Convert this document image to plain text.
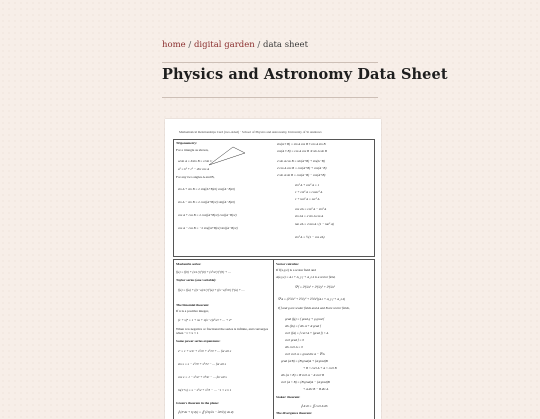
home / digital garden / data sheet
Physics and Astronomy Data Sheet
Mathematical Relationships Card (two-sided) · School of Physics and Astronomy, University of St Andrews
Trigonometry:
For a triangle as shown,
a/sin A = b/sin B = c/sin C
a² = b² + c² − 2bc cos A
For any two angles A and B,
sin A + sin B = 2 sin((A+B)/2) cos((A−B)/2)
sin A − sin B = 2 cos((A+B)/2) sin((A−B)/2)
cos A + cos B = 2 cos((A+B)/2) cos((A−B)/2)
cos A − cos B = −2 sin((A+B)/2) sin((A−B)/2)
sin(A ± B) = sin A cos B ± cos A sin B
cos(A ± B) = cos A cos B ∓ sin A sin B
2 sin A cos B = sin(A+B) + sin(A−B)
2 cos A cos B = cos(A+B) + cos(A−B)
2 sin A sin B = cos(A−B) − cos(A+B)
sin² A + cos² A = 1
1 + cot² A = cosec² A
1 + tan² A = sec² A
cos 2A = cos² A − sin² A
sin 2A = 2 sin A cos A
tan 2A = 2 tan A / (1 − tan² A)
sin² A = ½(1 − cos 2A)
Maclaurin series:
f(x) = f(0) + (x/1!) f′(0) + (x²/2!) f″(0) + …
Taylor series (one variable):
f(x) = f(a) + ((x−a)/1!) f′(a) + ((x−a)²/2!) f″(a) + …
The binomial theorem:
If n is a positive integer,
(1 + x)ⁿ = 1 + nx + n(n−1)x²/2! + … + xⁿ
When n is negative or fractional the series is infinite, and converges when −1 < x < 1
Some power series expansions:
eˣ = 1 + x/1! + x²/2! + x³/3! + … for all x
sin x = x − x³/3! + x⁵/5! − … for all x
cos x = 1 − x²/2! + x⁴/4! − … for all x
ln(1+x) = x − x²/2 + x³/3 − … −1 < x ≤ 1
Green's theorem in the plane:
∮ (P dx + Q dy) = ∬ (∂Q/∂x − ∂P/∂y) dx dy
Vector calculus:
If f(x,y,z) is a scalar field and
A(x,y,z) = Aₓi + A_y j + A_z k is a vector field,
∇²f = ∂²f/∂x² + ∂²f/∂y² + ∂²f/∂z²
∇²A = (∂²/∂x² + ∂²/∂y² + ∂²/∂z²)(Aₓi + A_y j + A_z k)
If f and g are scalar fields and A and B are vector fields,
grad (fg) = f grad g + g grad f
div (fA) = f div A + A·grad f
curl (fA) = f curl A + (grad f) × A
curl grad f = 0
div curl A = 0
curl curl A = grad div A − ∇²A
grad (A·B) = (B·grad)A + (A·grad)B
+ B × curl A + A × curl B
div (A × B) = B·curl A − A·curl B
curl (A × B) = (B·grad)A − (A·grad)B
+ A div B − B div A
Stokes' theorem:
∮ A·dl = ∬ curl A·dS
The divergence theorem:
